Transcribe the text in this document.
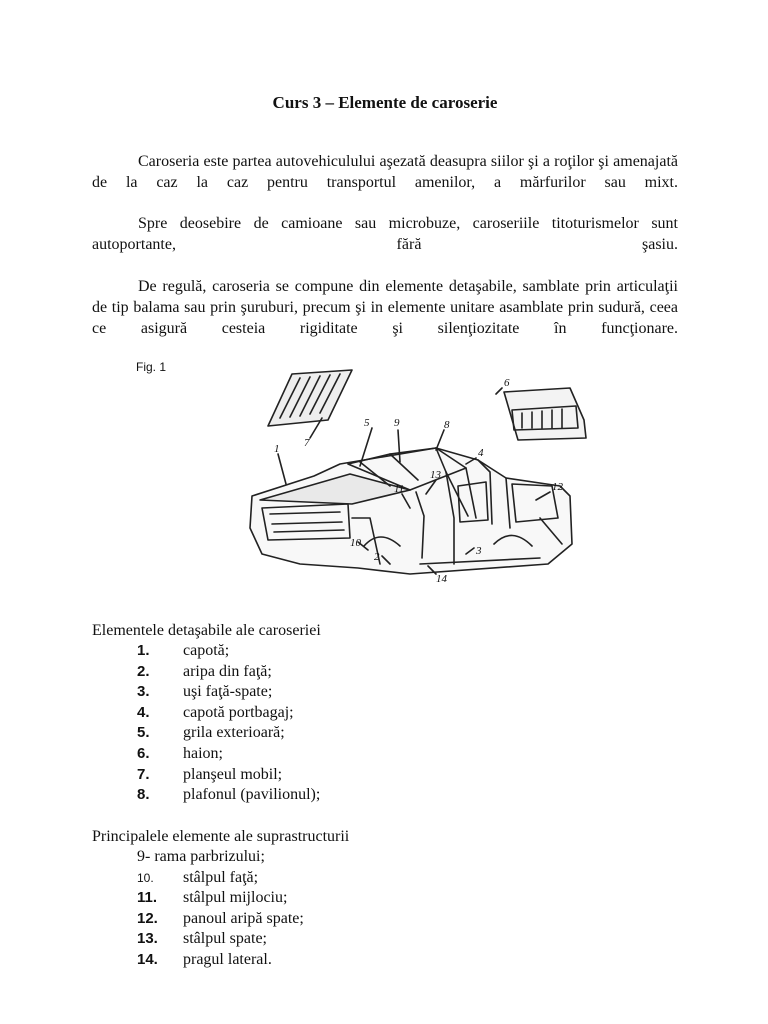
Curs 3 – Elemente de caroserie

Caroseria este partea autovehiculului aşezată deasupra siilor şi a roţilor şi amenajată de la caz la caz pentru transportul amenilor, a mărfurilor sau mixt.

Spre deosebire de camioane sau microbuze, caroseriile titoturismelor sunt autoportante, fără şasiu.

De regulă, caroseria se compune din elemente detaşabile, samblate prin articulaţii de tip balama sau prin şuruburi, precum şi in elemente unitare asamblate prin sudură, ceea ce asigură cesteia rigiditate şi silenţiozitate în funcţionare.

Fig. 1
7
6
5 9	8
1	4
11
13
12
10
2	3
14

Elementele detaşabile ale caroseriei

1.	capotă;
2.	aripa din faţă;
3.	uşi faţă-spate;
4.	capotă portbagaj;
5.	grila exterioară;
6.	haion;
7.	planşeul mobil;
8.	plafonul (pavilionul);

Principalele elemente ale suprastructurii

9- rama parbrizului;
10.	stâlpul faţă;
11.	stâlpul mijlociu;
12.	panoul aripă spate;
13.	stâlpul spate;
14.	pragul lateral.
